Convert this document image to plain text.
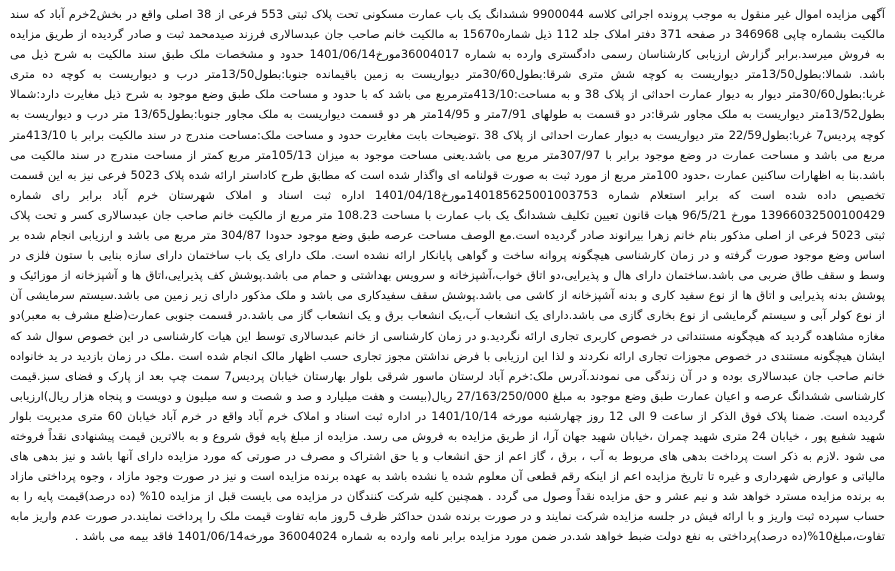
آگهی مزایده اموال غیر منقول به موجب پرونده اجرائی کلاسه 9900044 ششدانگ یک باب عمارت مسکونی تحت پلاک ثبتی 553 فرعی از 38 اصلی واقع در بخش2خرم آباد که سند مالکیت بشماره چاپی 346968 در صفحه 371 دفتر املاک جلد 112 ذیل شماره15670 به مالکیت خانم صاحب جان عبدسالاری فرزند صیدمحمد ثبت و صادر گردیده از طریق مزایده به فروش میرسد.برابر گزارش ارزیابی کارشناسان رسمی دادگستری وارده به شماره 36004017مورخ1401/06/14 حدود و مشخصات ملک طبق سند مالکیت به شرح ذیل می باشد. شمالا:بطول13/50متر دیواریست به کوچه شش متری شرقا:بطول30/60متر دیواریست به زمین باقیمانده جنوبا:بطول13/50متر درب و دیواریست به کوچه ده متری غربا:بطول30/60متر دیوار به دیوار عمارت احداثی از پلاک 38 و به مساحت:413/10مترمربع می باشد که با حدود و مساحت ملک طبق وضع موجود به شرح ذیل مغایرت دارد:شمالا بطول13/52متر دیواریست به ملک مجاور شرقا:در دو قسمت به طولهای 7/91متر و 14/95متر هر دو قسمت دیواریست به ملک مجاور جنوبا:بطول13/65 متر درب و دیواریست به کوچه پردیس7 غربا:بطول22/59 متر دیواریست به دیوار عمارت احداثی از پلاک 38 .توضیحات بابت مغایرت حدود و مساحت ملک:مساحت مندرج در سند مالکیت برابر با 413/10متر مربع می باشد و مساحت عمارت در وضع موجود برابر با 307/97متر مربع می باشد.یعنی مساحت موجود به میزان 105/13متر مربع کمتر از مساحت مندرج در سند مالکیت می باشد.بنا به اظهارات ساکنین عمارت ،حدود 100متر مربع از مورد ثبت به صورت قولنامه ای واگذار شده است که مطابق طرح کاداستر ارائه شده پلاک 5023 فرعی نیز به این قسمت تخصیص داده شده است که برابر استعلام شماره 140185625001003753مورخ1401/04/18 اداره ثبت اسناد و املاک شهرستان خرم آباد برابر رای شماره 13966032500100429 مورخ 96/5/21 هیات قانون تعیین تکلیف ششدانگ یک باب عمارت با مساحت 108.23 متر مربع از مالکیت خانم صاحب جان عبدسالاری کسر و تحت پلاک ثبتی 5023 فرعی از اصلی مذکور بنام خانم زهرا بیرانوند صادر گردیده است.مع الوصف مساحت عرصه طبق وضع موجود حدودا 304/87 متر مربع می باشد و ارزیابی انجام شده بر اساس وضع موجود صورت گرفته و در زمان کارشناسی هیچگونه پروانه ساخت و گواهی پایانکار ارائه نشده است. ملک دارای یک باب ساختمان دارای سازه بنایی با ستون فلزی در وسط و سقف طاق ضربی می باشد.ساختمان دارای هال و پذیرایی،دو اتاق خواب،آشپزخانه و سرویس بهداشتی و حمام می باشد.پوشش کف پذیرایی،اتاق ها و آشپزخانه از موزائیک و پوشش بدنه پذیرایی و اتاق ها از نوع سفید کاری و بدنه آشپزخانه از کاشی می باشد.پوشش سقف سفیدکاری می باشد و ملک مذکور دارای زیر زمین می باشد.سیستم سرمایشی آن از نوع کولر آبی و سیستم گرمایشی از نوع بخاری گازی می باشد.دارای یک انشعاب آب،یک انشعاب برق و یک انشعاب گاز می باشد.در قسمت جنوبی عمارت(ضلع مشرف به معبر)دو مغازه مشاهده گردید که هیچگونه مستنداتی در خصوص کاربری تجاری ارائه نگردید.و در زمان کارشناسی از خانم عبدسالاری توسط این هیات کارشناسی در این خصوص سوال شد که ایشان هیچگونه مستندی در خصوص مجوزات تجاری ارائه نکردند و لذا این ارزیابی با فرض نداشتن مجوز تجاری حسب اظهار مالک انجام شده است .ملک در زمان بازدید در ید خانواده خانم صاحب جان عبدسالاری بوده و در آن زندگی می نمودند.آدرس ملک:خرم آباد لرستان ماسور شرقی بلوار بهارستان خیابان پردیس7 سمت چپ بعد از پارک و فضای سبز.قیمت کارشناسی ششدانگ عرصه و اعیان عمارت طبق وضع موجود به مبلغ 27/163/250/000 ریال(بیست و هفت میلیارد و صد و شصت و سه میلیون و دویست و پنجاه هزار ریال)ارزیابی گردیده است. ضمنا پلاک فوق الذکر از ساعت 9 الی 12 روز چهارشنبه مورخه 1401/10/14 در اداره ثبت اسناد و املاک خرم آباد واقع در خرم آباد خیابان 60 متری مدیریت بلوار شهید شفیع پور ، خیابان 24 متری شهید چمران ،خیابان شهید جهان آرا، از طریق مزایده به فروش می رسد. مزایده از مبلغ پایه فوق شروع و به بالاترین قیمت پیشنهادی نقداً فروخته می شود .لازم به ذکر است پرداخت بدهی های مربوط به آب ، برق ، گاز اعم از حق انشعاب و یا حق اشتراک و مصرف در صورتی که مورد مزایده دارای آنها باشد و نیز بدهی های مالیاتی و عوارض شهرداری و غیره تا تاریخ مزایده اعم از اینکه رقم قطعی آن معلوم شده یا نشده باشد به عهده برنده مزایده است و نیز در صورت وجود مازاد ، وجوه پرداختی مازاد به برنده مزایده مسترد خواهد شد و نیم عشر و حق مزایده نقداً وصول می گردد . همچنین کلیه شرکت کنندگان در مزایده می بایست قبل از مزایده 10% (ده درصد)قیمت پایه را به حساب سپرده ثبت واریز و با ارائه فیش در جلسه مزایده شرکت نمایند و در صورت برنده شدن حداکثر ظرف 5روز مابه تفاوت قیمت ملک را پرداخت نمایند.در صورت عدم واریز مابه تفاوت،مبلغ10%(ده درصد)پرداختی به نفع دولت ضبط خواهد شد.در ضمن مورد مزایده برابر نامه وارده به شماره 36004024 مورخه1401/06/14 فاقد بیمه می باشد .
